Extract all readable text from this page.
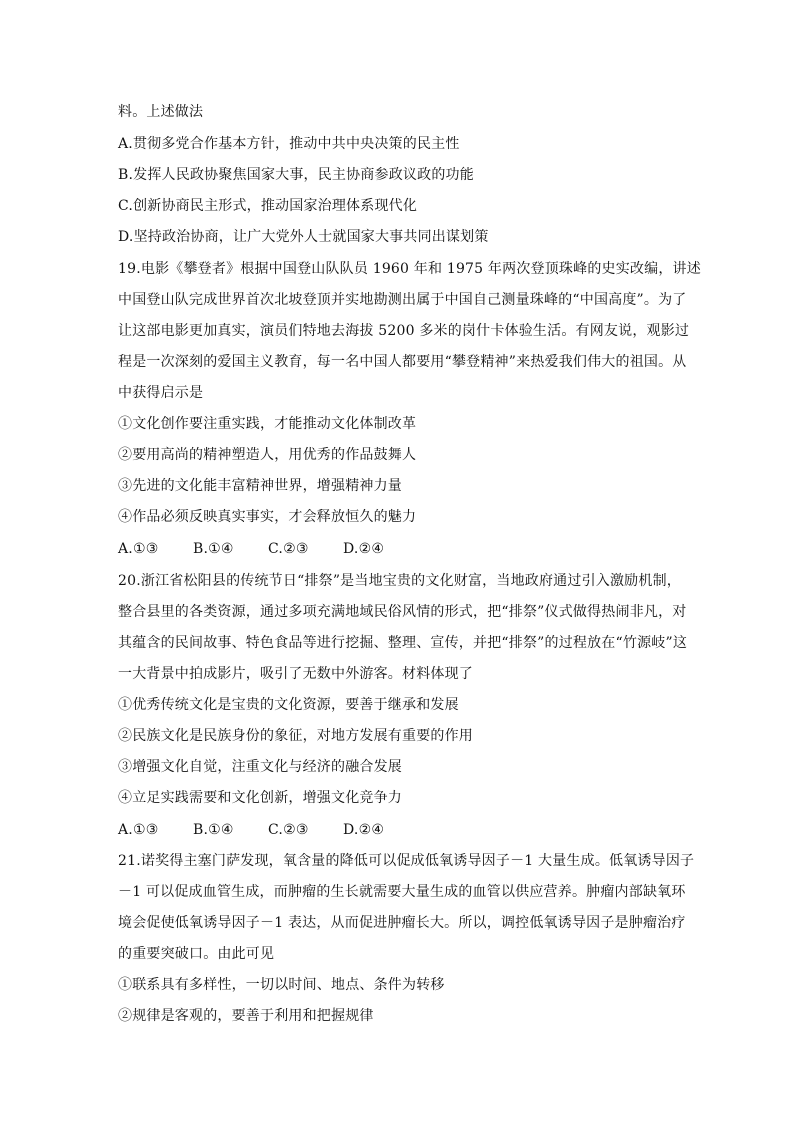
料。上述做法
A.贯彻多党合作基本方针，推动中共中央决策的民主性
B.发挥人民政协聚焦国家大事，民主协商参政议政的功能
C.创新协商民主形式，推动国家治理体系现代化
D.坚持政治协商，让广大党外人士就国家大事共同出谋划策
19.电影《攀登者》根据中国登山队队员 1960 年和 1975 年两次登顶珠峰的史实改编，讲述
中国登山队完成世界首次北坡登顶并实地勘测出属于中国自己测量珠峰的“中国高度”。为了
让这部电影更加真实，演员们特地去海拔 5200 多米的岗什卡体验生活。有网友说，观影过
程是一次深刻的爱国主义教育，每一名中国人都要用“攀登精神”来热爱我们伟大的祖国。从
中获得启示是
①文化创作要注重实践，才能推动文化体制改革
②要用高尚的精神塑造人，用优秀的作品鼓舞人
③先进的文化能丰富精神世界，增强精神力量
④作品必须反映真实事实，才会释放恒久的魅力
A.①③	B.①④	C.②③	D.②④
20.浙江省松阳县的传统节日“排祭”是当地宝贵的文化财富，当地政府通过引入激励机制，
整合县里的各类资源，通过多项充满地域民俗风情的形式，把“排祭”仪式做得热闹非凡，对
其蕴含的民间故事、特色食品等进行挖掘、整理、宣传，并把“排祭”的过程放在“竹源岐”这
一大背景中拍成影片，吸引了无数中外游客。材料体现了
①优秀传统文化是宝贵的文化资源，要善于继承和发展
②民族文化是民族身份的象征，对地方发展有重要的作用
③增强文化自觉，注重文化与经济的融合发展
④立足实践需要和文化创新，增强文化竞争力
A.①③	B.①④	C.②③	D.②④
21.诺奖得主塞门萨发现，氧含量的降低可以促成低氧诱导因子－1 大量生成。低氧诱导因子
－1 可以促成血管生成，而肿瘤的生长就需要大量生成的血管以供应营养。肿瘤内部缺氧环
境会促使低氧诱导因子－1 表达，从而促进肿瘤长大。所以，调控低氧诱导因子是肿瘤治疗
的重要突破口。由此可见
①联系具有多样性，一切以时间、地点、条件为转移
②规律是客观的，要善于利用和把握规律
